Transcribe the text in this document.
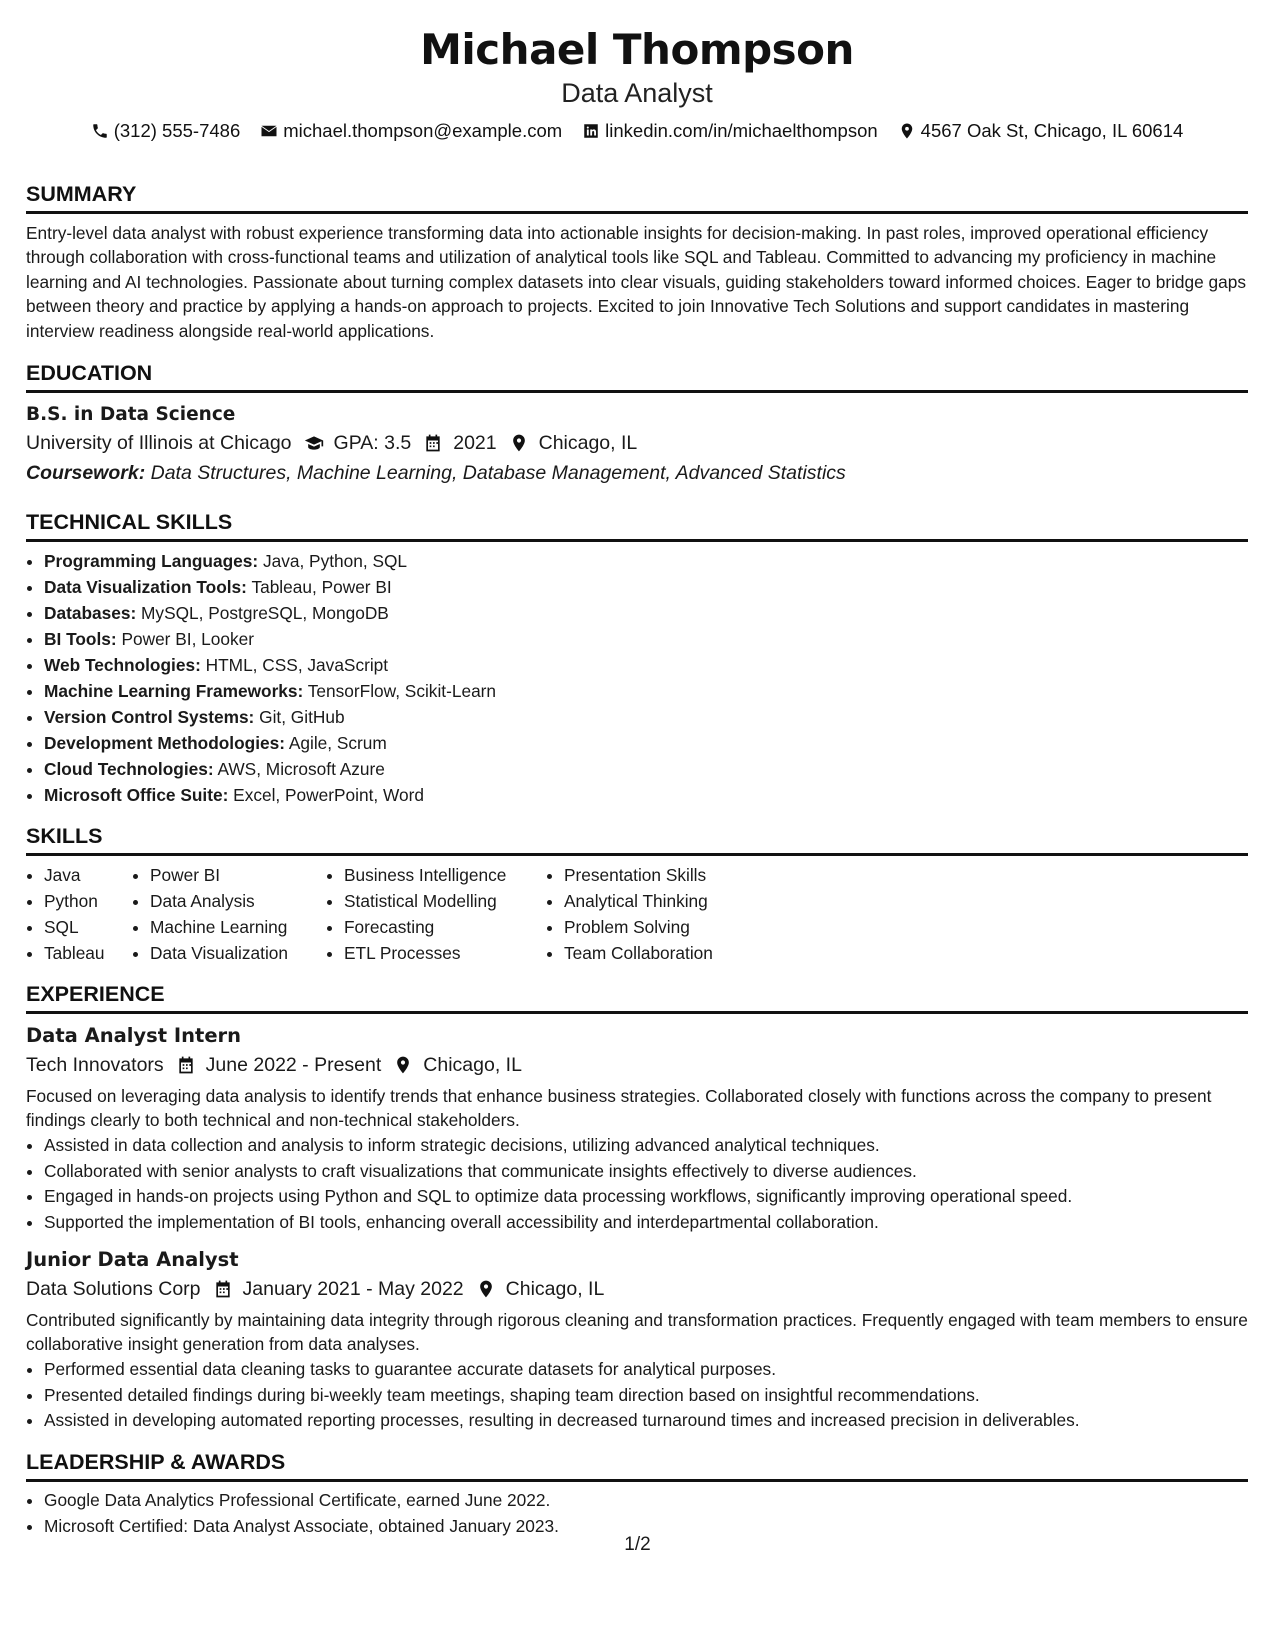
Michael Thompson
Data Analyst
(312) 555-7486 michael.thompson@example.com linkedin.com/in/michaelthompson 4567 Oak St, Chicago, IL 60614
SUMMARY
Entry-level data analyst with robust experience transforming data into actionable insights for decision-making. In past roles, improved operational efficiency through collaboration with cross-functional teams and utilization of analytical tools like SQL and Tableau. Committed to advancing my proficiency in machine learning and AI technologies. Passionate about turning complex datasets into clear visuals, guiding stakeholders toward informed choices. Eager to bridge gaps between theory and practice by applying a hands-on approach to projects. Excited to join Innovative Tech Solutions and support candidates in mastering interview readiness alongside real-world applications.
EDUCATION
B.S. in Data Science
University of Illinois at Chicago GPA: 3.5 2021 Chicago, IL
Coursework: Data Structures, Machine Learning, Database Management, Advanced Statistics
TECHNICAL SKILLS
• Programming Languages: Java, Python, SQL
• Data Visualization Tools: Tableau, Power BI
• Databases: MySQL, PostgreSQL, MongoDB
• BI Tools: Power BI, Looker
• Web Technologies: HTML, CSS, JavaScript
• Machine Learning Frameworks: TensorFlow, Scikit-Learn
• Version Control Systems: Git, GitHub
• Development Methodologies: Agile, Scrum
• Cloud Technologies: AWS, Microsoft Azure
• Microsoft Office Suite: Excel, PowerPoint, Word
SKILLS
• Java
• Python
• SQL
• Tableau
• Power BI
• Data Analysis
• Machine Learning
• Data Visualization
• Business Intelligence
• Statistical Modelling
• Forecasting
• ETL Processes
• Presentation Skills
• Analytical Thinking
• Problem Solving
• Team Collaboration
EXPERIENCE
Data Analyst Intern
Tech Innovators June 2022 - Present Chicago, IL
Focused on leveraging data analysis to identify trends that enhance business strategies. Collaborated closely with functions across the company to present findings clearly to both technical and non-technical stakeholders.
• Assisted in data collection and analysis to inform strategic decisions, utilizing advanced analytical techniques.
• Collaborated with senior analysts to craft visualizations that communicate insights effectively to diverse audiences.
• Engaged in hands-on projects using Python and SQL to optimize data processing workflows, significantly improving operational speed.
• Supported the implementation of BI tools, enhancing overall accessibility and interdepartmental collaboration.
Junior Data Analyst
Data Solutions Corp January 2021 - May 2022 Chicago, IL
Contributed significantly by maintaining data integrity through rigorous cleaning and transformation practices. Frequently engaged with team members to ensure collaborative insight generation from data analyses.
• Performed essential data cleaning tasks to guarantee accurate datasets for analytical purposes.
• Presented detailed findings during bi-weekly team meetings, shaping team direction based on insightful recommendations.
• Assisted in developing automated reporting processes, resulting in decreased turnaround times and increased precision in deliverables.
LEADERSHIP & AWARDS
• Google Data Analytics Professional Certificate, earned June 2022.
• Microsoft Certified: Data Analyst Associate, obtained January 2023.
1/2
